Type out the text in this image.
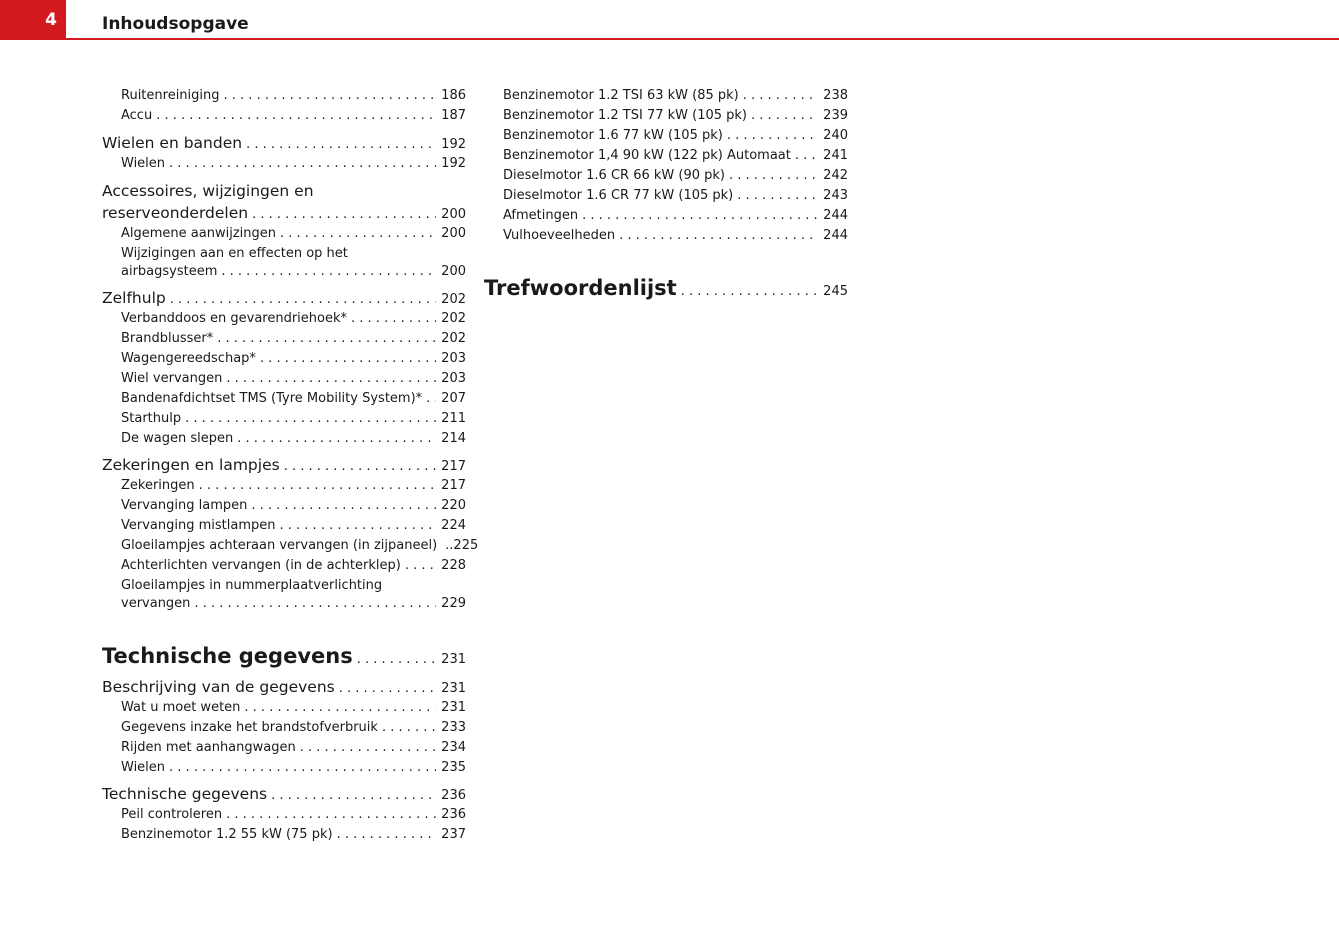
4	Inhoudsopgave
Ruitenreiniging . . .	186
Accu . . .	187
Wielen en banden . . .	192
Wielen . . .	192
Accessoires, wijzigingen en
reserveonderdelen . . .	200
Algemene aanwijzingen . . .	200
Wijzigingen aan en effecten op het
airbagsysteem . . .	200
Zelfhulp . . .	202
Verbanddoos en gevarendriehoek* . . .	202
Brandblusser* . . .	202
Wagengereedschap* . . .	203
Wiel vervangen . . .	203
Bandenafdichtset TMS (Tyre Mobility System)* . . . 207
Starthulp . . .	211
De wagen slepen . . .	214
Zekeringen en lampjes . . .	217
Zekeringen . . .	217
Vervanging lampen . . .	220
Vervanging mistlampen . . .	224
Gloeilampjes achteraan vervangen (in zijpaneel) ..225
Achterlichten vervangen (in de achterklep) . . .	228
Gloeilampjes in nummerplaatverlichting
vervangen . . .	229
Technische gegevens . . .	231
Beschrijving van de gegevens . . .	231
Wat u moet weten . . .	231
Gegevens inzake het brandstofverbruik . . .	233
Rijden met aanhangwagen . . .	234
Wielen . . .	235
Technische gegevens . . .	236
Peil controleren . . .	236
Benzinemotor 1.2 55 kW (75 pk) . . .	237
Benzinemotor 1.2 TSI 63 kW (85 pk) . . .	238
Benzinemotor 1.2 TSI 77 kW (105 pk) . . .	239
Benzinemotor 1.6 77 kW (105 pk) . . .	240
Benzinemotor 1,4 90 kW (122 pk) Automaat . . . 241
Dieselmotor 1.6 CR 66 kW (90 pk) . . .	242
Dieselmotor 1.6 CR 77 kW (105 pk) . . .	243
Afmetingen . . .	244
Vulhoeveelheden . . .	244
Trefwoordenlijst . . .	245
